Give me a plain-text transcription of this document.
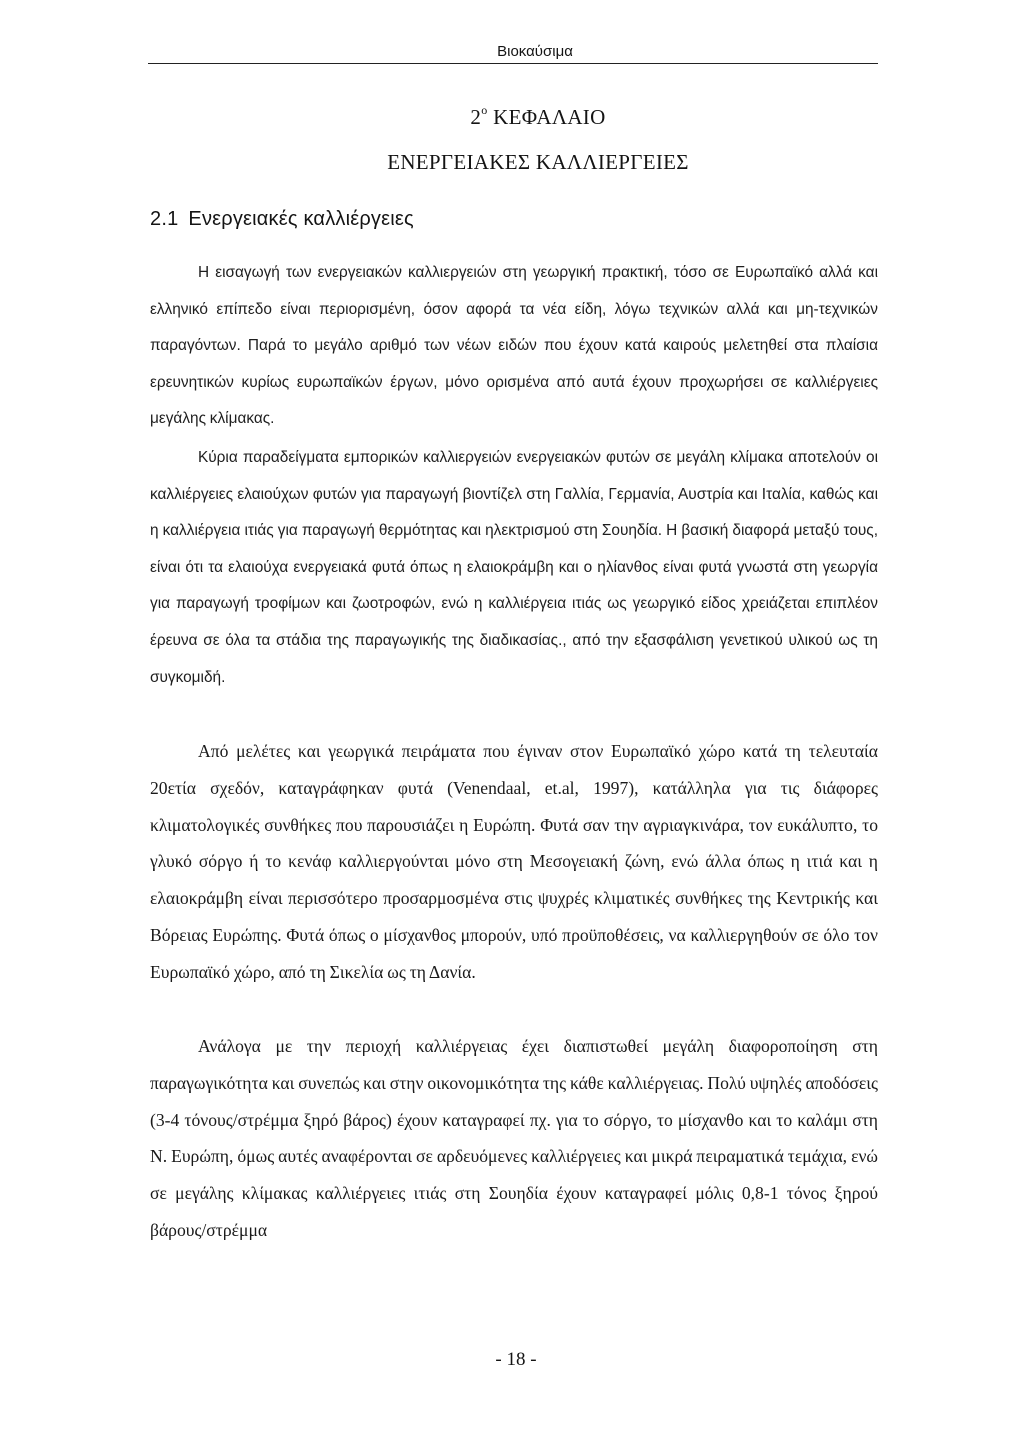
Βιοκαύσιμα
$2^o$ ΚΕΦΑΛΑΙΟ
ΕΝΕΡΓΕΙΑΚΕΣ ΚΑΛΛΙΕΡΓΕΙΕΣ
2.1 Ενεργειακές καλλιέργειες

Η εισαγωγή των ενεργειακών καλλιεργειών στη γεωργική πρακτική, τόσο σε Ευρωπαϊκό αλλά και ελληνικό επίπεδο είναι περιορισμένη, όσον αφορά τα νέα είδη, λόγω τεχνικών αλλά και μη-τεχνικών παραγόντων. Παρά το μεγάλο αριθμό των νέων ειδών που έχουν κατά καιρούς μελετηθεί στα πλαίσια ερευνητικών κυρίως ευρωπαϊκών έργων, μόνο ορισμένα από αυτά έχουν προχωρήσει σε καλλιέργειες μεγάλης κλίμακας.

Κύρια παραδείγματα εμπορικών καλλιεργειών ενεργειακών φυτών σε μεγάλη κλίμακα αποτελούν οι καλλιέργειες ελαιούχων φυτών για παραγωγή βιοντίζελ στη Γαλλία, Γερμανία, Αυστρία και Ιταλία, καθώς και η καλλιέργεια ιτιάς για παραγωγή θερμότητας και ηλεκτρισμού στη Σουηδία. Η βασική διαφορά μεταξύ τους, είναι ότι τα ελαιούχα ενεργειακά φυτά όπως η ελαιοκράμβη και ο ηλίανθος είναι φυτά γνωστά στη γεωργία για παραγωγή τροφίμων και ζωοτροφών, ενώ η καλλιέργεια ιτιάς ως γεωργικό είδος χρειάζεται επιπλέον έρευνα σε όλα τα στάδια της παραγωγικής της διαδικασίας., από την εξασφάλιση γενετικού υλικού ως τη συγκομιδή.

Από μελέτες και γεωργικά πειράματα που έγιναν στον Ευρωπαϊκό χώρο κατά τη τελευταία 20ετία σχεδόν, καταγράφηκαν φυτά (Venendaal, et.al, 1997), κατάλληλα για τις διάφορες κλιματολογικές συνθήκες που παρουσιάζει η Ευρώπη. Φυτά σαν την αγριαγκινάρα, τον ευκάλυπτο, το γλυκό σόργο ή το κενάφ καλλιεργούνται μόνο στη Μεσογειακή ζώνη, ενώ άλλα όπως η ιτιά και η ελαιοκράμβη είναι περισσότερο προσαρμοσμένα στις ψυχρές κλιματικές συνθήκες της Κεντρικής και Βόρειας Ευρώπης. Φυτά όπως ο μίσχανθος μπορούν, υπό προϋποθέσεις, να καλλιεργηθούν σε όλο τον Ευρωπαϊκό χώρο, από τη Σικελία ως τη Δανία.

Ανάλογα με την περιοχή καλλιέργειας έχει διαπιστωθεί μεγάλη διαφοροποίηση στη παραγωγικότητα και συνεπώς και στην οικονομικότητα της κάθε καλλιέργειας. Πολύ υψηλές αποδόσεις (3-4 τόνους/στρέμμα ξηρό βάρος) έχουν καταγραφεί πχ. για το σόργο, το μίσχανθο και το καλάμι στη Ν. Ευρώπη, όμως αυτές αναφέρονται σε αρδευόμενες καλλιέργειες και μικρά πειραματικά τεμάχια, ενώ σε μεγάλης κλίμακας καλλιέργειες ιτιάς στη Σουηδία έχουν καταγραφεί μόλις 0,8-1 τόνος ξηρού βάρους/στρέμμα

- 18 -
